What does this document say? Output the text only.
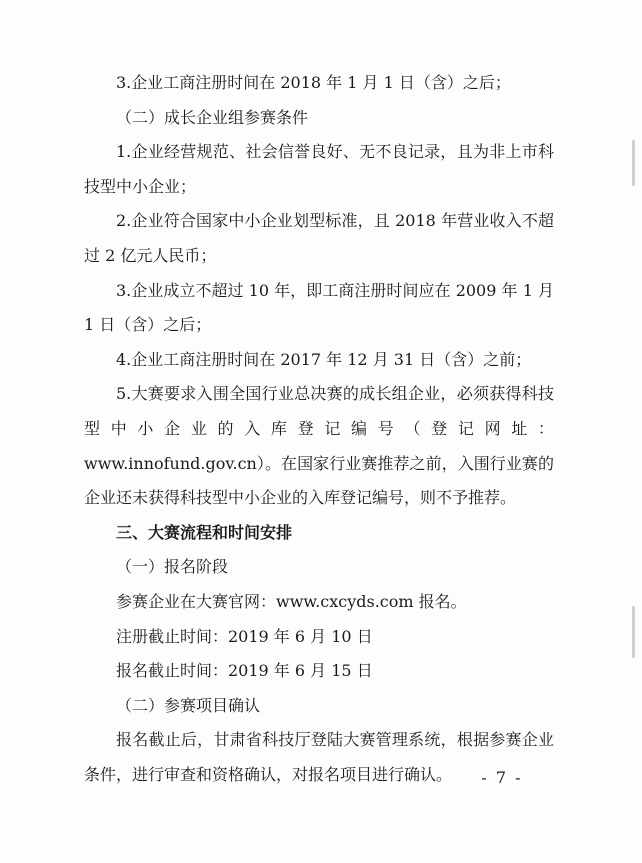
3.企业工商注册时间在 2018 年 1 月 1 日（含）之后；

（二）成长企业组参赛条件

1.企业经营规范、社会信誉良好、无不良记录，且为非上市科技型中小企业；

2.企业符合国家中小企业划型标准，且 2018 年营业收入不超过 2 亿元人民币；

3.企业成立不超过 10 年，即工商注册时间应在 2009 年 1 月 1 日（含）之后；

4.企业工商注册时间在 2017 年 12 月 31 日（含）之前；

5.大赛要求入围全国行业总决赛的成长组企业，必须获得科技型中小企业的入库登记编号（登记网址：www.innofund.gov.cn）。在国家行业赛推荐之前，入围行业赛的企业还未获得科技型中小企业的入库登记编号，则不予推荐。

三、大赛流程和时间安排

（一）报名阶段

参赛企业在大赛官网：www.cxcyds.com 报名。

注册截止时间：2019 年 6 月 10 日

报名截止时间：2019 年 6 月 15 日

（二）参赛项目确认

报名截止后，甘肃省科技厅登陆大赛管理系统，根据参赛企业条件，进行审查和资格确认，对报名项目进行确认。	- 7 -
